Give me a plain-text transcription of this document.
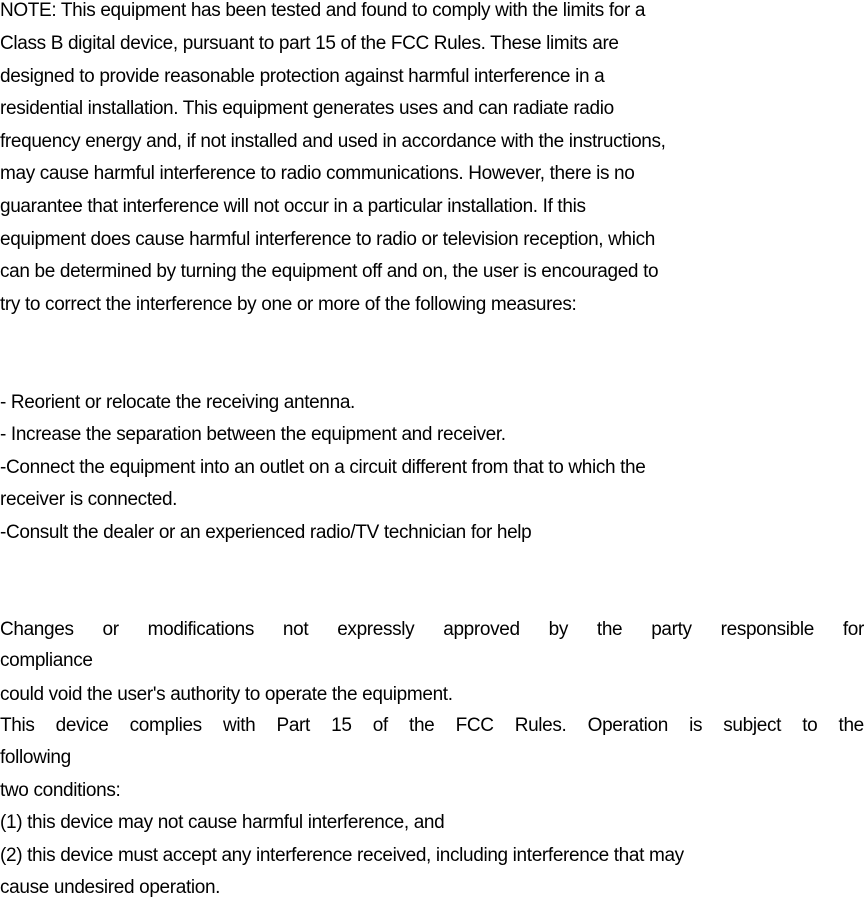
NOTE: This equipment has been tested and found to comply with the limits for a
Class B digital device, pursuant to part 15 of the FCC Rules. These limits are
designed to provide reasonable protection against harmful interference in a
residential installation. This equipment generates uses and can radiate radio
frequency energy and, if not installed and used in accordance with the instructions,
may cause harmful interference to radio communications. However, there is no
guarantee that interference will not occur in a particular installation. If this
equipment does cause harmful interference to radio or television reception, which
can be determined by turning the equipment off and on, the user is encouraged to
try to correct the interference by one or more of the following measures:
- Reorient or relocate the receiving antenna.
- Increase the separation between the equipment and receiver.
-Connect the equipment into an outlet on a circuit different from that to which the
receiver is connected.
-Consult the dealer or an experienced radio/TV technician for help
Changes or modifications not expressly approved by the party responsible for
compliance
could void the user's authority to operate the equipment.
This device complies with Part 15 of the FCC Rules. Operation is subject to the
following
two conditions:
(1) this device may not cause harmful interference, and
(2) this device must accept any interference received, including interference that may
cause undesired operation.
